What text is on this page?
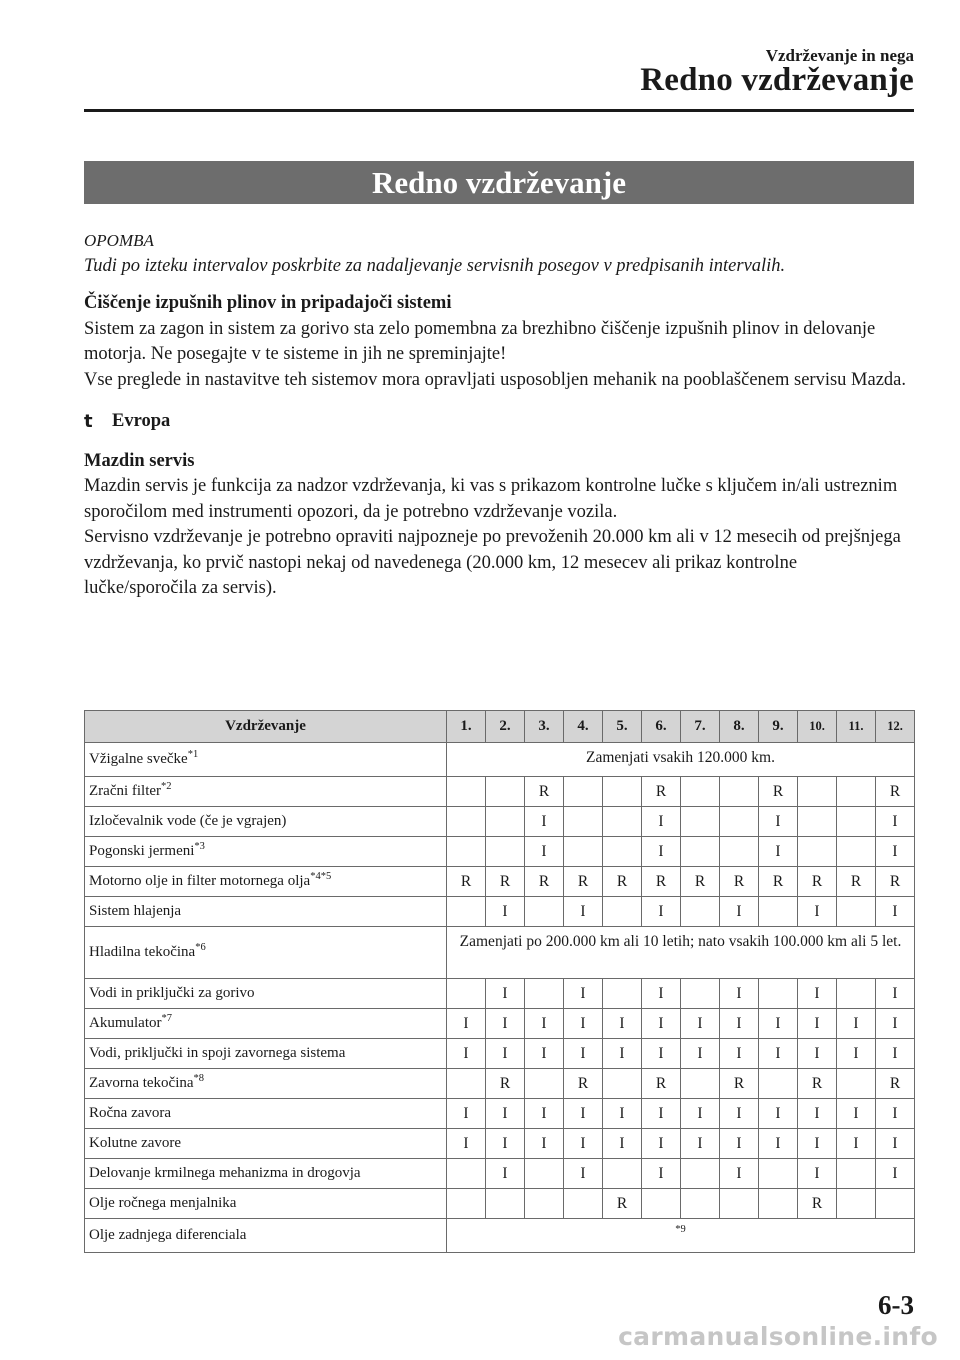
Vzdrževanje in nega
Redno vzdrževanje
Redno vzdrževanje
OPOMBA
Tudi po izteku intervalov poskrbite za nadaljevanje servisnih posegov v predpisanih intervalih.
Čiščenje izpušnih plinov in pripadajoči sistemi
Sistem za zagon in sistem za gorivo sta zelo pomembna za brezhibno čiščenje izpušnih plinov in delovanje motorja. Ne posegajte v te sisteme in jih ne spreminjajte!
Vse preglede in nastavitve teh sistemov mora opravljati usposobljen mehanik na pooblaščenem servisu Mazda.
t	Evropa
Mazdin servis
Mazdin servis je funkcija za nadzor vzdrževanja, ki vas s prikazom kontrolne lučke s ključem in/ali ustreznim sporočilom med instrumenti opozori, da je potrebno vzdrževanje vozila.
Servisno vzdrževanje je potrebno opraviti najpozneje po prevoženih 20.000 km ali v 12 mesecih od prejšnjega vzdrževanja, ko prvič nastopi nekaj od navedenega (20.000 km, 12 mesecev ali prikaz kontrolne lučke/sporočila za servis).
Vzdrževanje	1.	2.	3.	4.	5.	6.	7.	8.	9.	10.	11.	12.
Vžigalne svečke$^{*1}$	Zamenjati vsakih 120.000 km.											
Zračni filter$^{*2}$			R			R			R			R
Izločevalnik vode (če je vgrajen)			I			I			I			I
Pogonski jermeni$^{*3}$			I			I			I			I
Motorno olje in filter motornega olja$^{*4*5}$	R	R	R	R	R	R	R	R	R	R	R	R
Sistem hlajenja		I		I		I		I		I		I
Hladilna tekočina$^{*6}$	Zamenjati po 200.000 km ali 10 letih; nato vsakih 100.000 km ali 5 let.											
Vodi in priključki za gorivo		I		I		I		I		I		I
Akumulator$^{*7}$	I	I	I	I	I	I	I	I	I	I	I	I
Vodi, priključki in spoji zavornega sistema	I	I	I	I	I	I	I	I	I	I	I	I
Zavorna tekočina$^{*8}$		R		R		R		R		R		R
Ročna zavora	I	I	I	I	I	I	I	I	I	I	I	I
Kolutne zavore	I	I	I	I	I	I	I	I	I	I	I	I
Delovanje krmilnega mehanizma in drogovja		I		I		I		I		I		I
Olje ročnega menjalnika					R					R		
Olje zadnjega diferenciala	$^{*9}$
6-3
carmanualsonline.info
